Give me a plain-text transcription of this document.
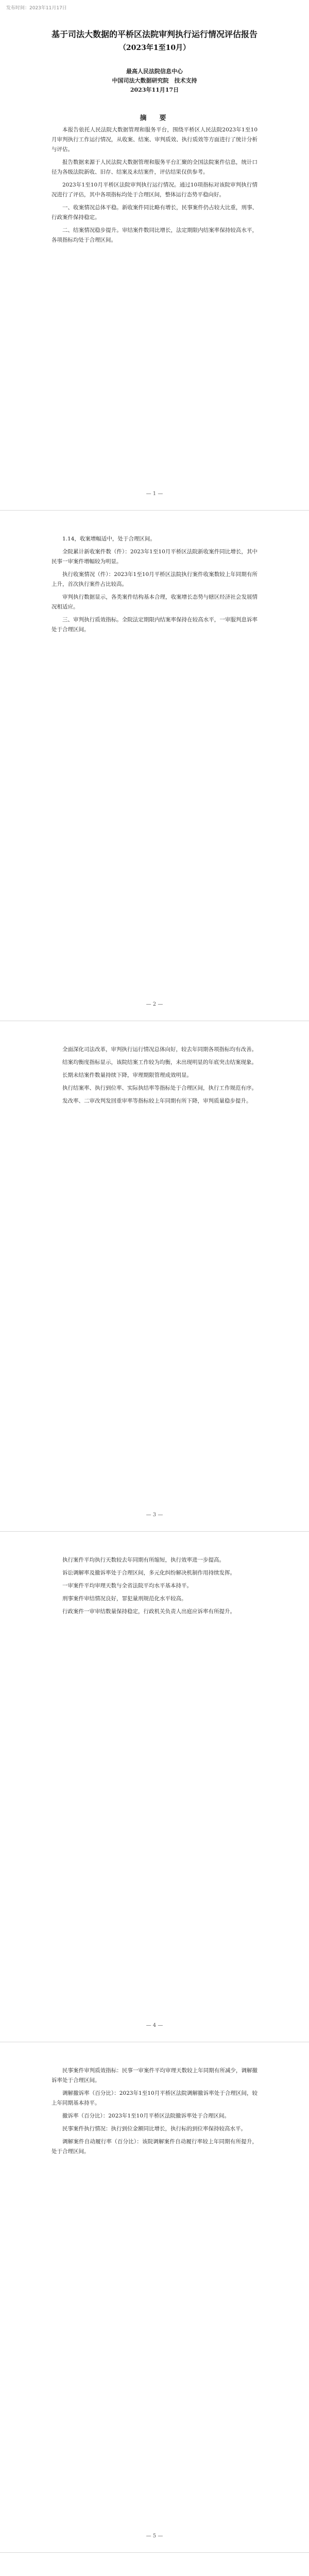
发布时间：2023年11月17日
基于司法大数据的平桥区法院审判执行运行情况评估报告
（2023年1至10月）
最高人民法院信息中心
中国司法大数据研究院　技术支持
2023年11月17日
摘　要

本报告依托人民法院大数据管理和服务平台，围绕平桥区人民法院2023年1至10月审判执行工作运行情况，从收案、结案、审判质效、执行质效等方面进行了统计分析与评估。

报告数据来源于人民法院大数据管理和服务平台汇聚的全国法院案件信息，统计口径为各级法院新收、旧存、结案及未结案件，评估结果仅供参考。

2023年1至10月平桥区法院审判执行运行情况。通过10项指标对该院审判执行情况进行了评估，其中各项指标均处于合理区间，整体运行态势平稳向好。

一、收案情况总体平稳。新收案件同比略有增长，民事案件仍占较大比重，刑事、行政案件保持稳定。

二、结案情况稳步提升。审结案件数同比增长，法定期限内结案率保持较高水平，各项指标均处于合理区间。

— 1 —

1.14，收案增幅适中，处于合理区间。

全院累计新收案件数（件）：2023年1至10月平桥区法院新收案件同比增长，其中民事一审案件增幅较为明显。

执行收案情况（件）：2023年1至10月平桥区法院执行案件收案数较上年同期有所上升，首次执行案件占比较高。

审判执行数据显示，各类案件结构基本合理，收案增长态势与辖区经济社会发展情况相适应。

三、审判执行质效指标。全院法定期限内结案率保持在较高水平，一审服判息诉率处于合理区间。

— 2 —

全面深化司法改革，审判执行运行情况总体向好，较去年同期各项指标均有改善。

结案均衡度指标显示，该院结案工作较为均衡，未出现明显的年底突击结案现象。

长期未结案件数量持续下降，审理期限管理成效明显。

执行结案率、执行到位率、实际执结率等指标处于合理区间，执行工作规范有序。

发改率、二审改判发回重审率等指标较上年同期有所下降，审判质量稳步提升。

— 3 —

执行案件平均执行天数较去年同期有所缩短，执行效率进一步提高。

诉讼调解率及撤诉率处于合理区间，多元化纠纷解决机制作用持续发挥。

一审案件平均审理天数与全省法院平均水平基本持平。

刑事案件审结情况良好，罪犯量刑规范化水平较高。

行政案件一审审结数量保持稳定，行政机关负责人出庭应诉率有所提升。

— 4 —

民事案件审判质效指标：民事一审案件平均审理天数较上年同期有所减少，调解撤诉率处于合理区间。

调解撤诉率（百分比）：2023年1至10月平桥区法院调解撤诉率处于合理区间，较上年同期基本持平。

撤诉率（百分比）：2023年1至10月平桥区法院撤诉率处于合理区间。

民事案件执行情况：执行到位金额同比增长，执行标的到位率保持较高水平。

调解案件自动履行率（百分比）：该院调解案件自动履行率较上年同期有所提升，处于合理区间。

— 5 —
